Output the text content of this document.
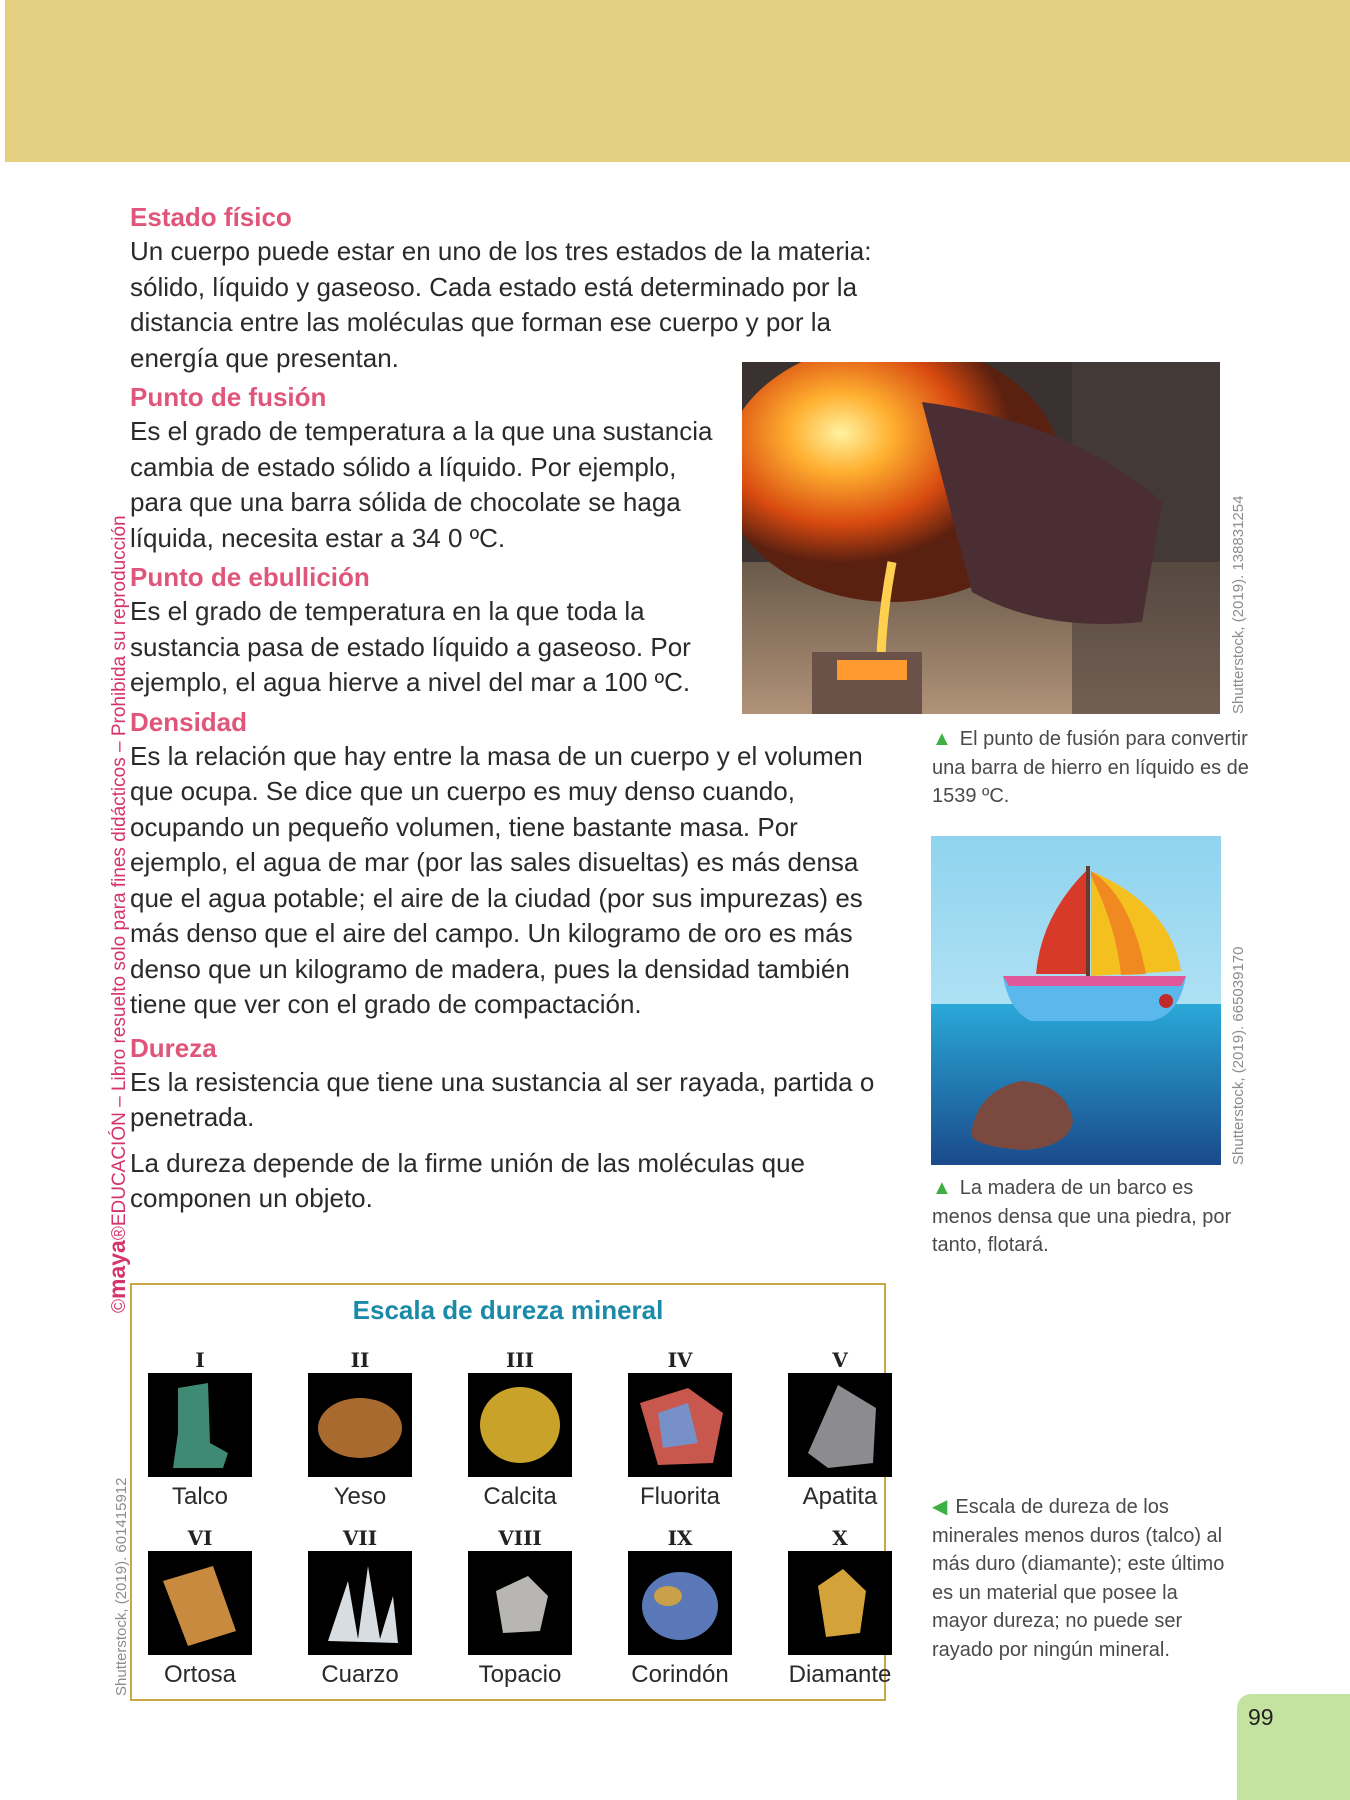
©maya®EDUCACIÓN – Libro resuelto solo para fines didácticos – Prohibida su reproducción
Shutterstock, (2019). 601415912
Estado físico

Un cuerpo puede estar en uno de los tres estados de la materia: sólido, líquido y gaseoso. Cada estado está determinado por la distancia entre las moléculas que forman ese cuerpo y por la energía que presentan.

Punto de fusión

Es el grado de temperatura a la que una sustancia cambia de estado sólido a líquido. Por ejemplo, para que una barra sólida de chocolate se haga líquida, necesita estar a 34 0 ºC.

Punto de ebullición

Es el grado de temperatura en la que toda la sustancia pasa de estado líquido a gaseoso. Por ejemplo, el agua hierve a nivel del mar a 100 ºC.

Densidad

Es la relación que hay entre la masa de un cuerpo y el volumen que ocupa. Se dice que un cuerpo es muy denso cuando, ocupando un pequeño volumen, tiene bastante masa. Por ejemplo, el agua de mar (por las sales disueltas) es más densa que el agua potable; el aire de la ciudad (por sus impurezas) es más denso que el aire del campo. Un kilogramo de oro es más denso que un kilogramo de madera, pues la densidad también tiene que ver con el grado de compactación.

Dureza

Es la resistencia que tiene una sustancia al ser rayada, partida o penetrada.

La dureza depende de la firme unión de las moléculas que componen un objeto.

Shutterstock, (2019). 138831254
▲ El punto de fusión para convertir una barra de hierro en líquido es de 1539 ºC.
Shutterstock, (2019). 665039170
▲ La madera de un barco es menos densa que una piedra, por tanto, flotará.
Escala de dureza mineral
I
Talco
II
Yeso
III
Calcita
IV
Fluorita
V
Apatita
VI
Ortosa
VII
Cuarzo
VIII
Topacio
IX
Corindón
X
Diamante
◀ Escala de dureza de los minerales menos duros (talco) al más duro (diamante); este último es un material que posee la mayor dureza; no puede ser rayado por ningún mineral.
99
